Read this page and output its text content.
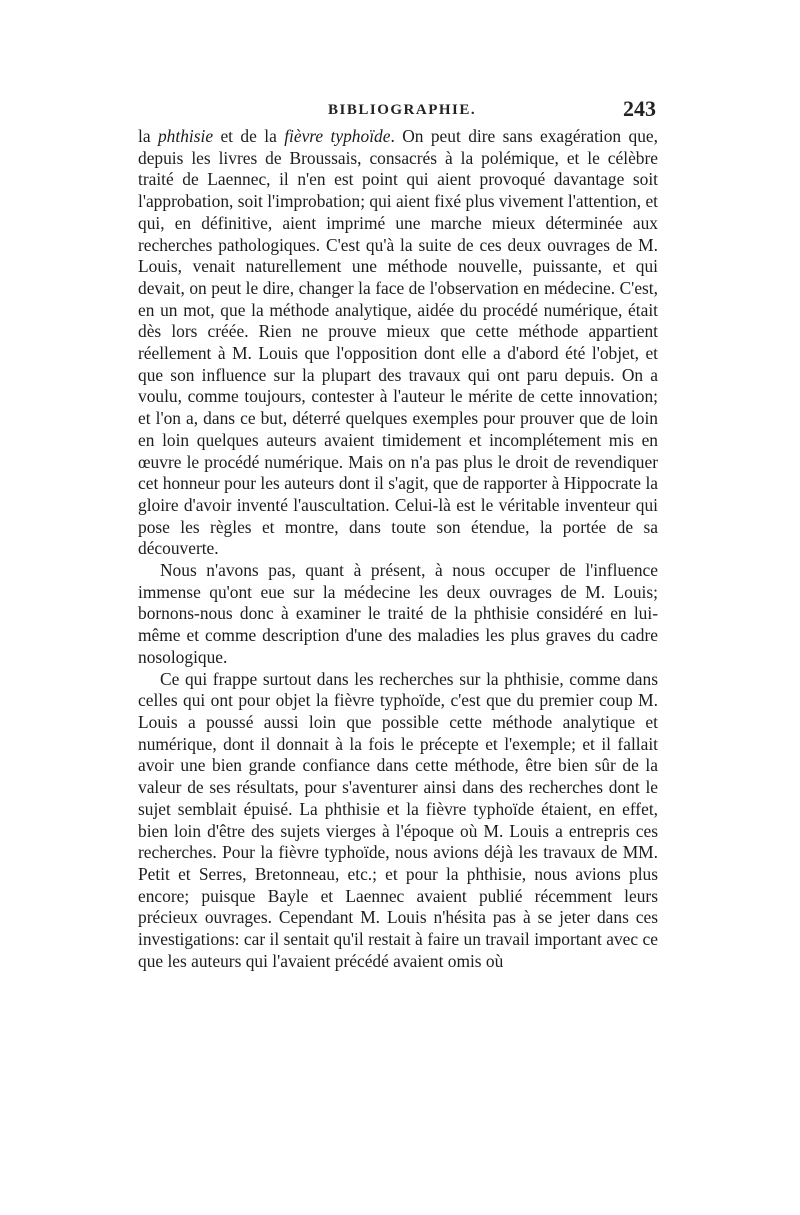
BIBLIOGRAPHIE.	243

la phthisie et de la fièvre typhoïde. On peut dire sans exagération que, depuis les livres de Broussais, consacrés à la polémique, et le célèbre traité de Laennec, il n'en est point qui aient provoqué davantage soit l'approbation, soit l'improbation; qui aient fixé plus vivement l'attention, et qui, en définitive, aient imprimé une marche mieux déterminée aux recherches pathologiques. C'est qu'à la suite de ces deux ouvrages de M. Louis, venait naturellement une méthode nouvelle, puissante, et qui devait, on peut le dire, changer la face de l'observation en médecine. C'est, en un mot, que la méthode analytique, aidée du procédé numérique, était dès lors créée. Rien ne prouve mieux que cette méthode appartient réellement à M. Louis que l'opposition dont elle a d'abord été l'objet, et que son influence sur la plupart des travaux qui ont paru depuis. On a voulu, comme toujours, contester à l'auteur le mérite de cette innovation; et l'on a, dans ce but, déterré quelques exemples pour prouver que de loin en loin quelques auteurs avaient timidement et incomplétement mis en œuvre le procédé numérique. Mais on n'a pas plus le droit de revendiquer cet honneur pour les auteurs dont il s'agit, que de rapporter à Hippocrate la gloire d'avoir inventé l'auscultation. Celui-là est le véritable inventeur qui pose les règles et montre, dans toute son étendue, la portée de sa découverte.

Nous n'avons pas, quant à présent, à nous occuper de l'influence immense qu'ont eue sur la médecine les deux ouvrages de M. Louis; bornons-nous donc à examiner le traité de la phthisie considéré en lui-même et comme description d'une des maladies les plus graves du cadre nosologique.

Ce qui frappe surtout dans les recherches sur la phthisie, comme dans celles qui ont pour objet la fièvre typhoïde, c'est que du premier coup M. Louis a poussé aussi loin que possible cette méthode analytique et numérique, dont il donnait à la fois le précepte et l'exemple; et il fallait avoir une bien grande confiance dans cette méthode, être bien sûr de la valeur de ses résultats, pour s'aventurer ainsi dans des recherches dont le sujet semblait épuisé. La phthisie et la fièvre typhoïde étaient, en effet, bien loin d'être des sujets vierges à l'époque où M. Louis a entrepris ces recherches. Pour la fièvre typhoïde, nous avions déjà les travaux de MM. Petit et Serres, Bretonneau, etc.; et pour la phthisie, nous avions plus encore; puisque Bayle et Laennec avaient publié récemment leurs précieux ouvrages. Cependant M. Louis n'hésita pas à se jeter dans ces investigations: car il sentait qu'il restait à faire un travail important avec ce que les auteurs qui l'avaient précédé avaient omis où
